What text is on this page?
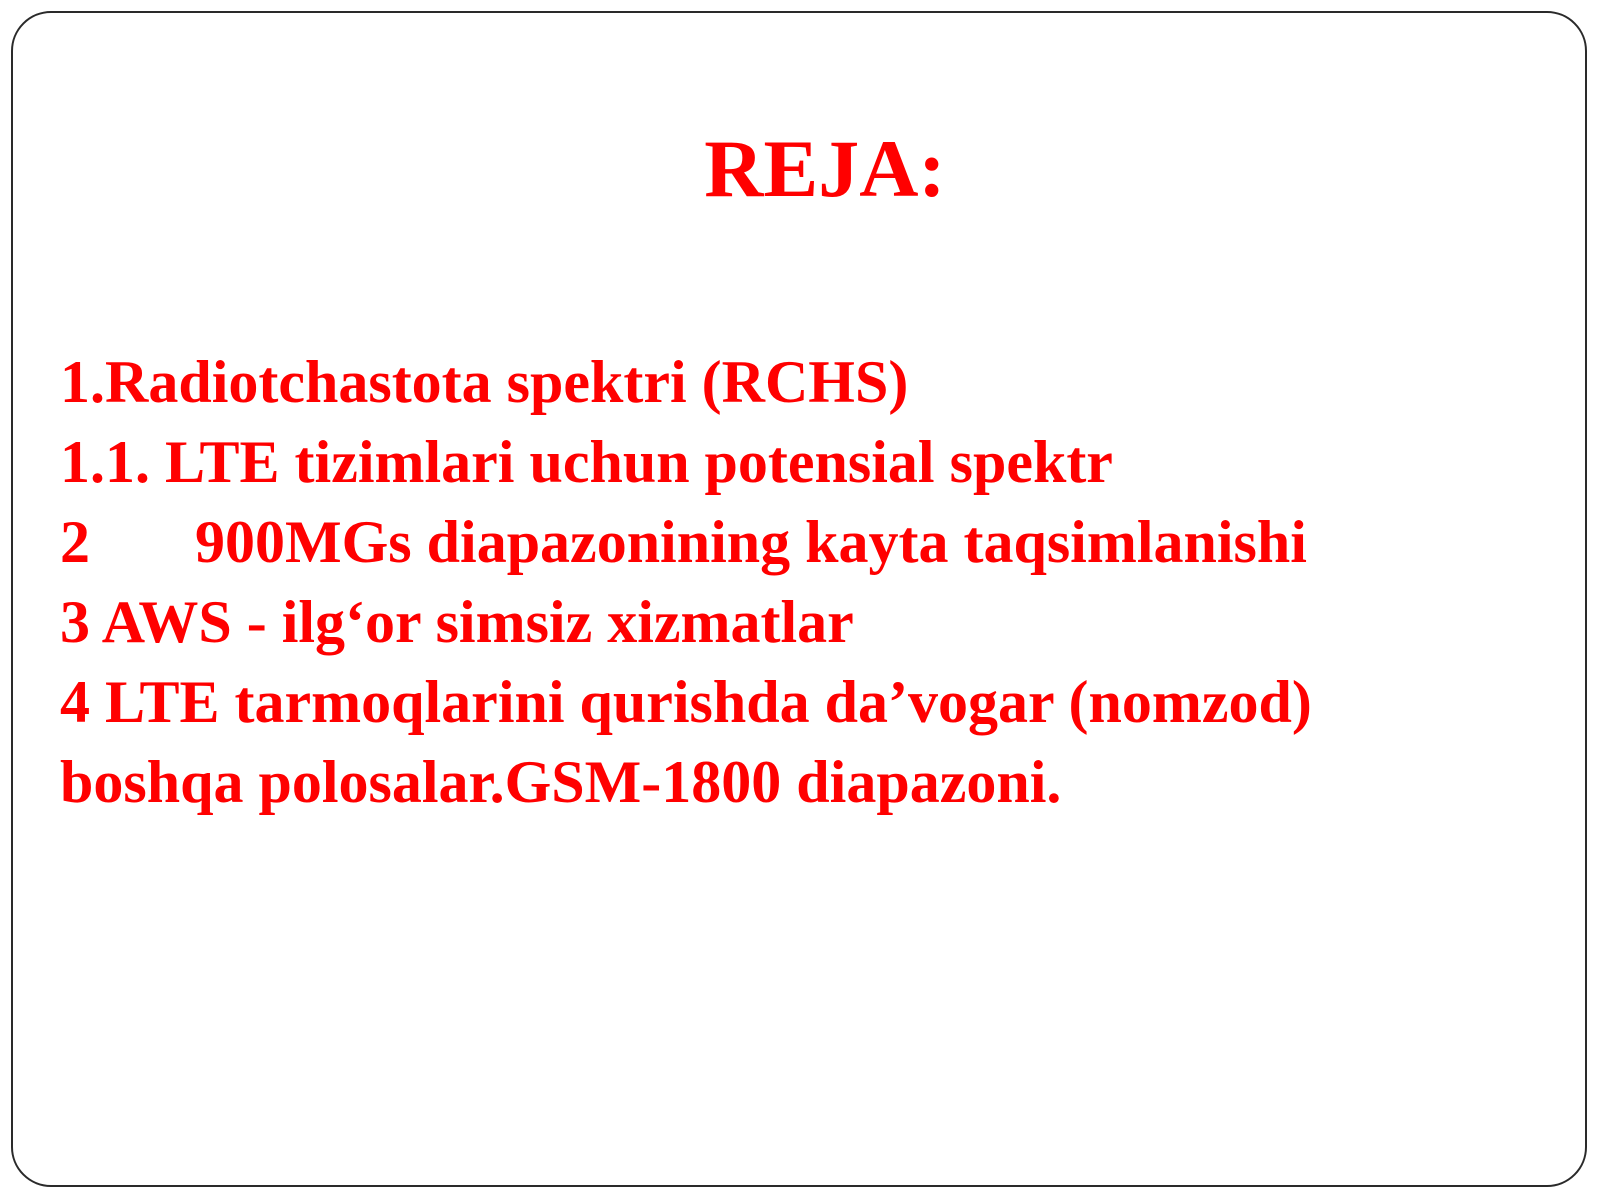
REJA:
1.Radiotchastota spektri (RCHS)
1.1. LTE tizimlari uchun potensial spektr
2       900MGs diapazonining kayta taqsimlanishi
3 AWS - ilg‘or simsiz xizmatlar
4 LTE tarmoqlarini qurishda da’vogar (nomzod)
boshqa polosalar.GSM-1800 diapazoni.
